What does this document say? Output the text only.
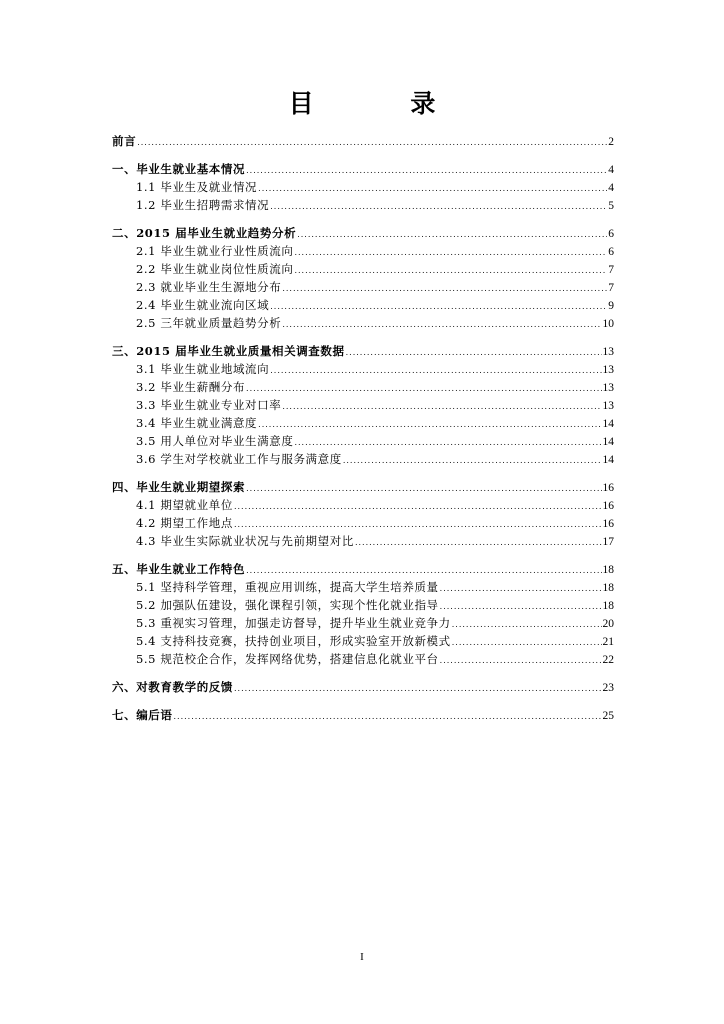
目 录
前言 .....	2
一、毕业生就业基本情况 .....	4
1.1 毕业生及就业情况 .....	4
1.2 毕业生招聘需求情况 .....	5
二、2015 届毕业生就业趋势分析 .....	6
2.1 毕业生就业行业性质流向 .....	6
2.2 毕业生就业岗位性质流向 .....	7
2.3 就业毕业生生源地分布 .....	7
2.4 毕业生就业流向区域 .....	9
2.5 三年就业质量趋势分析 .....	10
三、2015 届毕业生就业质量相关调查数据 .....	13
3.1 毕业生就业地域流向 .....	13
3.2 毕业生薪酬分布 .....	13
3.3 毕业生就业专业对口率 .....	13
3.4 毕业生就业满意度 .....	14
3.5 用人单位对毕业生满意度 .....	14
3.6 学生对学校就业工作与服务满意度 .....	14
四、毕业生就业期望探索 .....	16
4.1 期望就业单位 .....	16
4.2 期望工作地点 .....	16
4.3 毕业生实际就业状况与先前期望对比 .....	17
五、毕业生就业工作特色 .....	18
5.1 坚持科学管理，重视应用训练，提高大学生培养质量 .....	18
5.2 加强队伍建设，强化课程引领，实现个性化就业指导 .....	18
5.3 重视实习管理，加强走访督导，提升毕业生就业竞争力 .....	20
5.4 支持科技竞赛，扶持创业项目，形成实验室开放新模式 .....	21
5.5 规范校企合作，发挥网络优势，搭建信息化就业平台 .....	22
六、对教育教学的反馈 .....	23
七、编后语 .....	25
I
